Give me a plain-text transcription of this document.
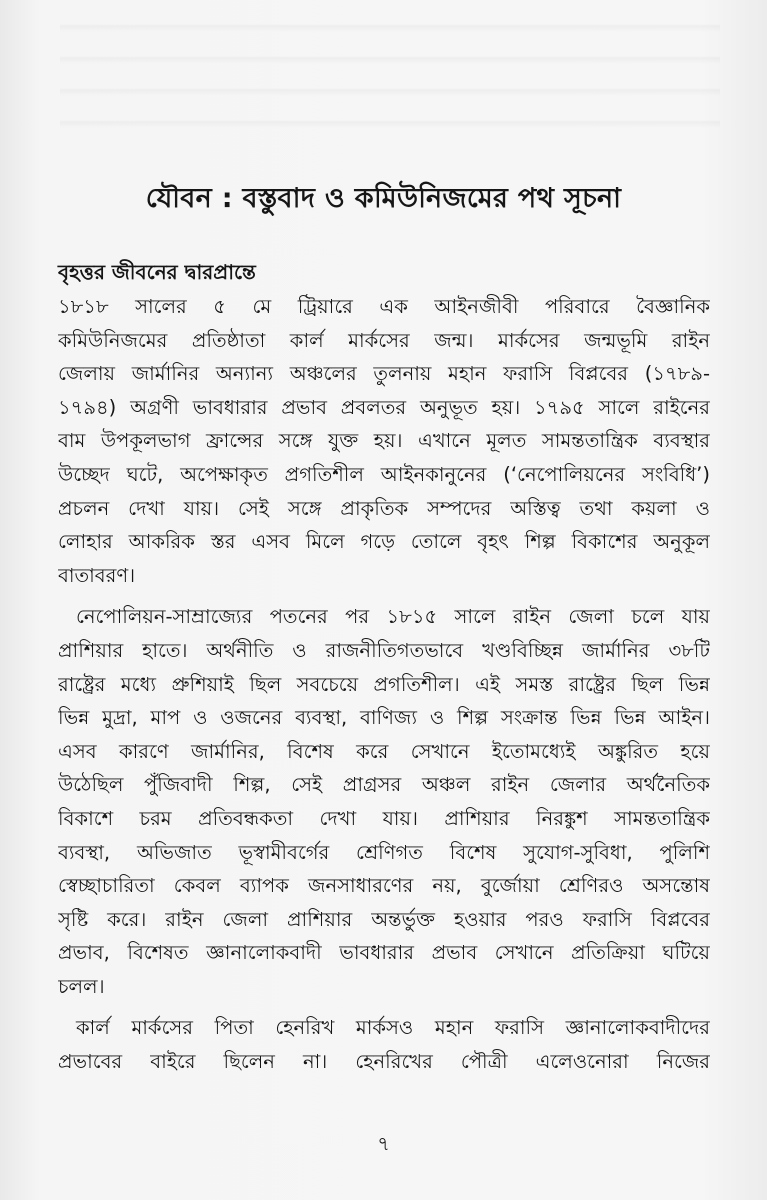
যৌবন : বস্তুবাদ ও কমিউনিজমের পথ সূচনা
বৃহত্তর জীবনের দ্বারপ্রান্তে
১৮১৮ সালের ৫ মে ট্রিয়ারে এক আইনজীবী পরিবারে বৈজ্ঞানিক
কমিউনিজমের প্রতিষ্ঠাতা কার্ল মার্কসের জন্ম। মার্কসের জন্মভূমি রাইন
জেলায় জার্মানির অন্যান্য অঞ্চলের তুলনায় মহান ফরাসি বিপ্লবের (১৭৮৯-
১৭৯৪) অগ্রণী ভাবধারার প্রভাব প্রবলতর অনুভূত হয়। ১৭৯৫ সালে রাইনের
বাম উপকূলভাগ ফ্রান্সের সঙ্গে যুক্ত হয়। এখানে মূলত সামন্ততান্ত্রিক ব্যবস্থার
উচ্ছেদ ঘটে, অপেক্ষাকৃত প্রগতিশীল আইনকানুনের (‘নেপোলিয়নের সংবিধি’)
প্রচলন দেখা যায়। সেই সঙ্গে প্রাকৃতিক সম্পদের অস্তিত্ব তথা কয়লা ও
লোহার আকরিক স্তর এসব মিলে গড়ে তোলে বৃহৎ শিল্প বিকাশের অনুকূল
বাতাবরণ।
নেপোলিয়ন-সাম্রাজ্যের পতনের পর ১৮১৫ সালে রাইন জেলা চলে যায়
প্রাশিয়ার হাতে। অর্থনীতি ও রাজনীতিগতভাবে খণ্ডবিচ্ছিন্ন জার্মানির ৩৮টি
রাষ্ট্রের মধ্যে প্রুশিয়াই ছিল সবচেয়ে প্রগতিশীল। এই সমস্ত রাষ্ট্রের ছিল ভিন্ন
ভিন্ন মুদ্রা, মাপ ও ওজনের ব্যবস্থা, বাণিজ্য ও শিল্প সংক্রান্ত ভিন্ন ভিন্ন আইন।
এসব কারণে জার্মানির, বিশেষ করে সেখানে ইতোমধ্যেই অঙ্কুরিত হয়ে
উঠেছিল পুঁজিবাদী শিল্প, সেই প্রাগ্রসর অঞ্চল রাইন জেলার অর্থনৈতিক
বিকাশে চরম প্রতিবন্ধকতা দেখা যায়। প্রাশিয়ার নিরঙ্কুশ সামন্ততান্ত্রিক
ব্যবস্থা, অভিজাত ভূস্বামীবর্গের শ্রেণিগত বিশেষ সুযোগ-সুবিধা, পুলিশি
স্বেচ্ছাচারিতা কেবল ব্যাপক জনসাধারণের নয়, বুর্জোয়া শ্রেণিরও অসন্তোষ
সৃষ্টি করে। রাইন জেলা প্রাশিয়ার অন্তর্ভুক্ত হওয়ার পরও ফরাসি বিপ্লবের
প্রভাব, বিশেষত জ্ঞানালোকবাদী ভাবধারার প্রভাব সেখানে প্রতিক্রিয়া ঘটিয়ে
চলল।
কার্ল মার্কসের পিতা হেনরিখ মার্কসও মহান ফরাসি জ্ঞানালোকবাদীদের
প্রভাবের বাইরে ছিলেন না। হেনরিখের পৌত্রী এলেওনোরা নিজের
৭
